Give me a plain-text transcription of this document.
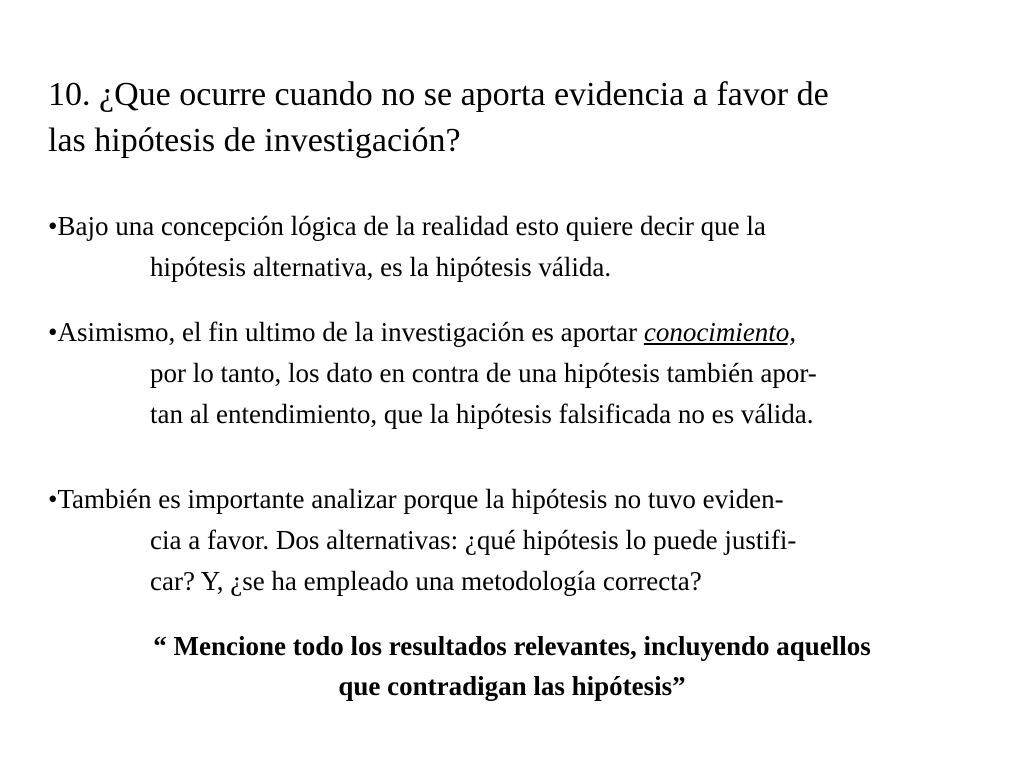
10. ¿Que ocurre cuando no se aporta evidencia a favor de
las hipótesis de investigación?
•Bajo una concepción lógica de la realidad esto quiere decir que la
hipótesis alternativa, es la hipótesis válida.
•Asimismo, el fin ultimo de la investigación es aportar conocimiento,
por lo tanto, los dato en contra de una hipótesis también apor-
tan al entendimiento, que la hipótesis falsificada no es válida.
•También es importante analizar porque la hipótesis no tuvo eviden-
cia a favor. Dos alternativas: ¿qué hipótesis lo puede justifi-
car? Y, ¿se ha empleado una metodología correcta?
“ Mencione todo los resultados relevantes, incluyendo aquellos
que contradigan las hipótesis”
